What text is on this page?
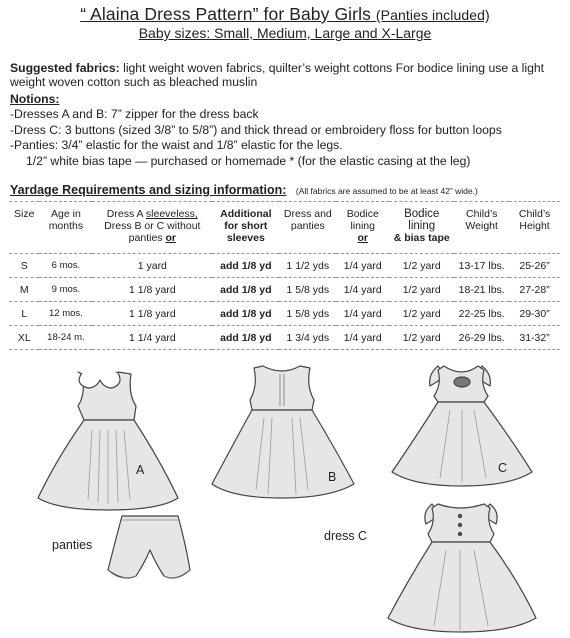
“ Alaina Dress Pattern” for Baby Girls (Panties included)
Baby sizes: Small, Medium, Large and X-Large
Suggested fabrics: light weight woven fabrics, quilter’s weight cottons For bodice lining use a light weight woven cotton such as bleached muslin
Notions:
-Dresses A and B: 7” zipper for the dress back
-Dress C: 3 buttons (sized 3/8” to 5/8”) and thick thread or embroidery floss for button loops
-Panties: 3/4” elastic for the waist and 1/8” elastic for the legs.
1/2” white bias tape — purchased or homemade * (for the elastic casing at the leg)
Yardage Requirements and sizing information: (All fabrics are assumed to be at least 42” wide.)
Size	Age in months	Dress A sleeveless,
Dress B or C without panties or	Additional for short sleeves	Dress and panties	Bodice lining
or	Bodice lining
& bias tape	Child’s Weight	Child’s Height
S	6 mos.	1 yard	add 1/8 yd	1 1/2 yds	1/4 yard	1/2 yard	13-17 lbs.	25-26”
M	9 mos.	1 1/8 yard	add 1/8 yd	1 5/8 yds	1/4 yard	1/2 yard	18-21 lbs.	27-28”
L	12 mos.	1 1/8 yard	add 1/8 yd	1 5/8 yds	1/4 yard	1/2 yard	22-25 lbs.	29-30”
XL	18-24 m.	1 1/4 yard	add 1/8 yd	1 3/4 yds	1/4 yard	1/2 yard	26-29 lbs.	31-32”
A	B
C
panties
dress C
